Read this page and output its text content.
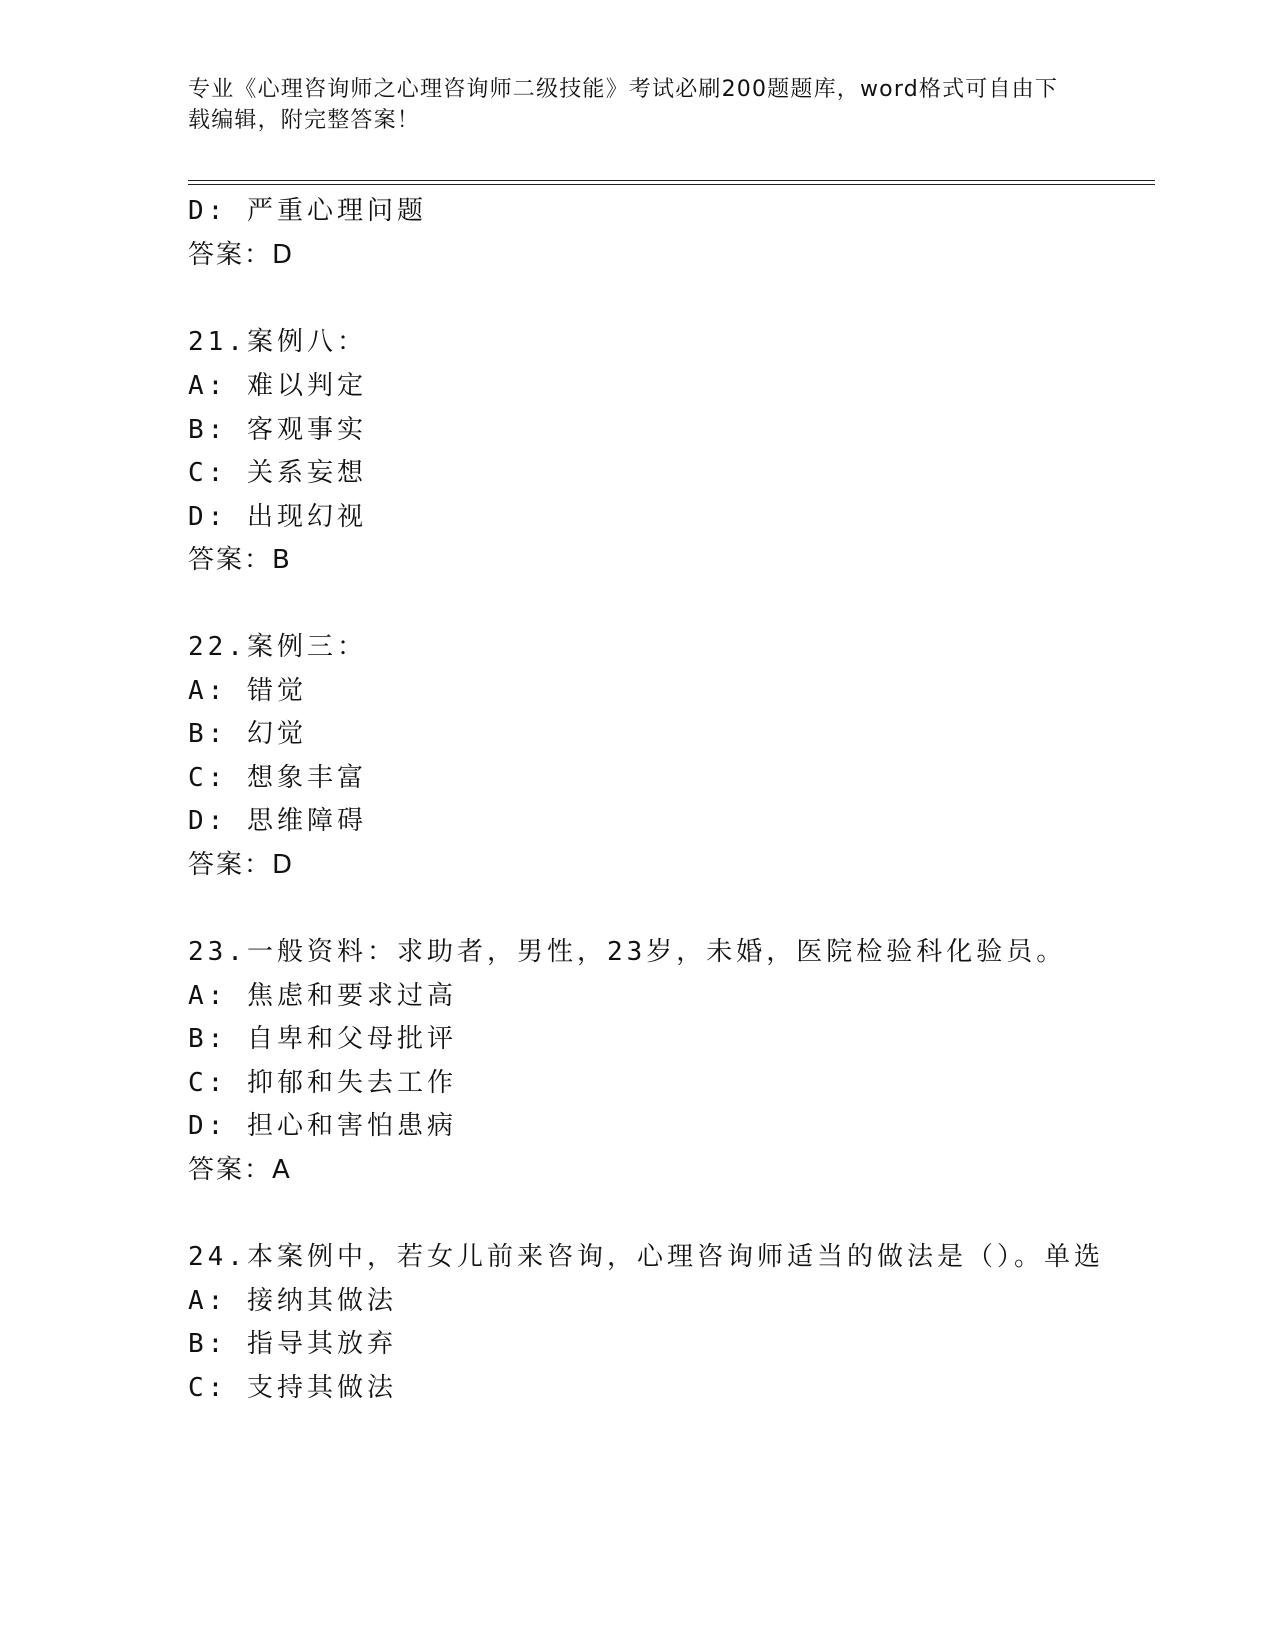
专业《心理咨询师之心理咨询师二级技能》考试必刷200题题库，word格式可自由下载编辑，附完整答案！
D: 严重心理问题
答案：D
21.案例八：
A: 难以判定
B: 客观事实
C: 关系妄想
D: 出现幻视
答案：B
22.案例三：
A: 错觉
B: 幻觉
C: 想象丰富
D: 思维障碍
答案：D
23.一般资料：求助者，男性，23岁，未婚，医院检验科化验员。
A: 焦虑和要求过高
B: 自卑和父母批评
C: 抑郁和失去工作
D: 担心和害怕患病
答案：A
24.本案例中，若女儿前来咨询，心理咨询师适当的做法是（）。单选
A: 接纳其做法
B: 指导其放弃
C: 支持其做法
